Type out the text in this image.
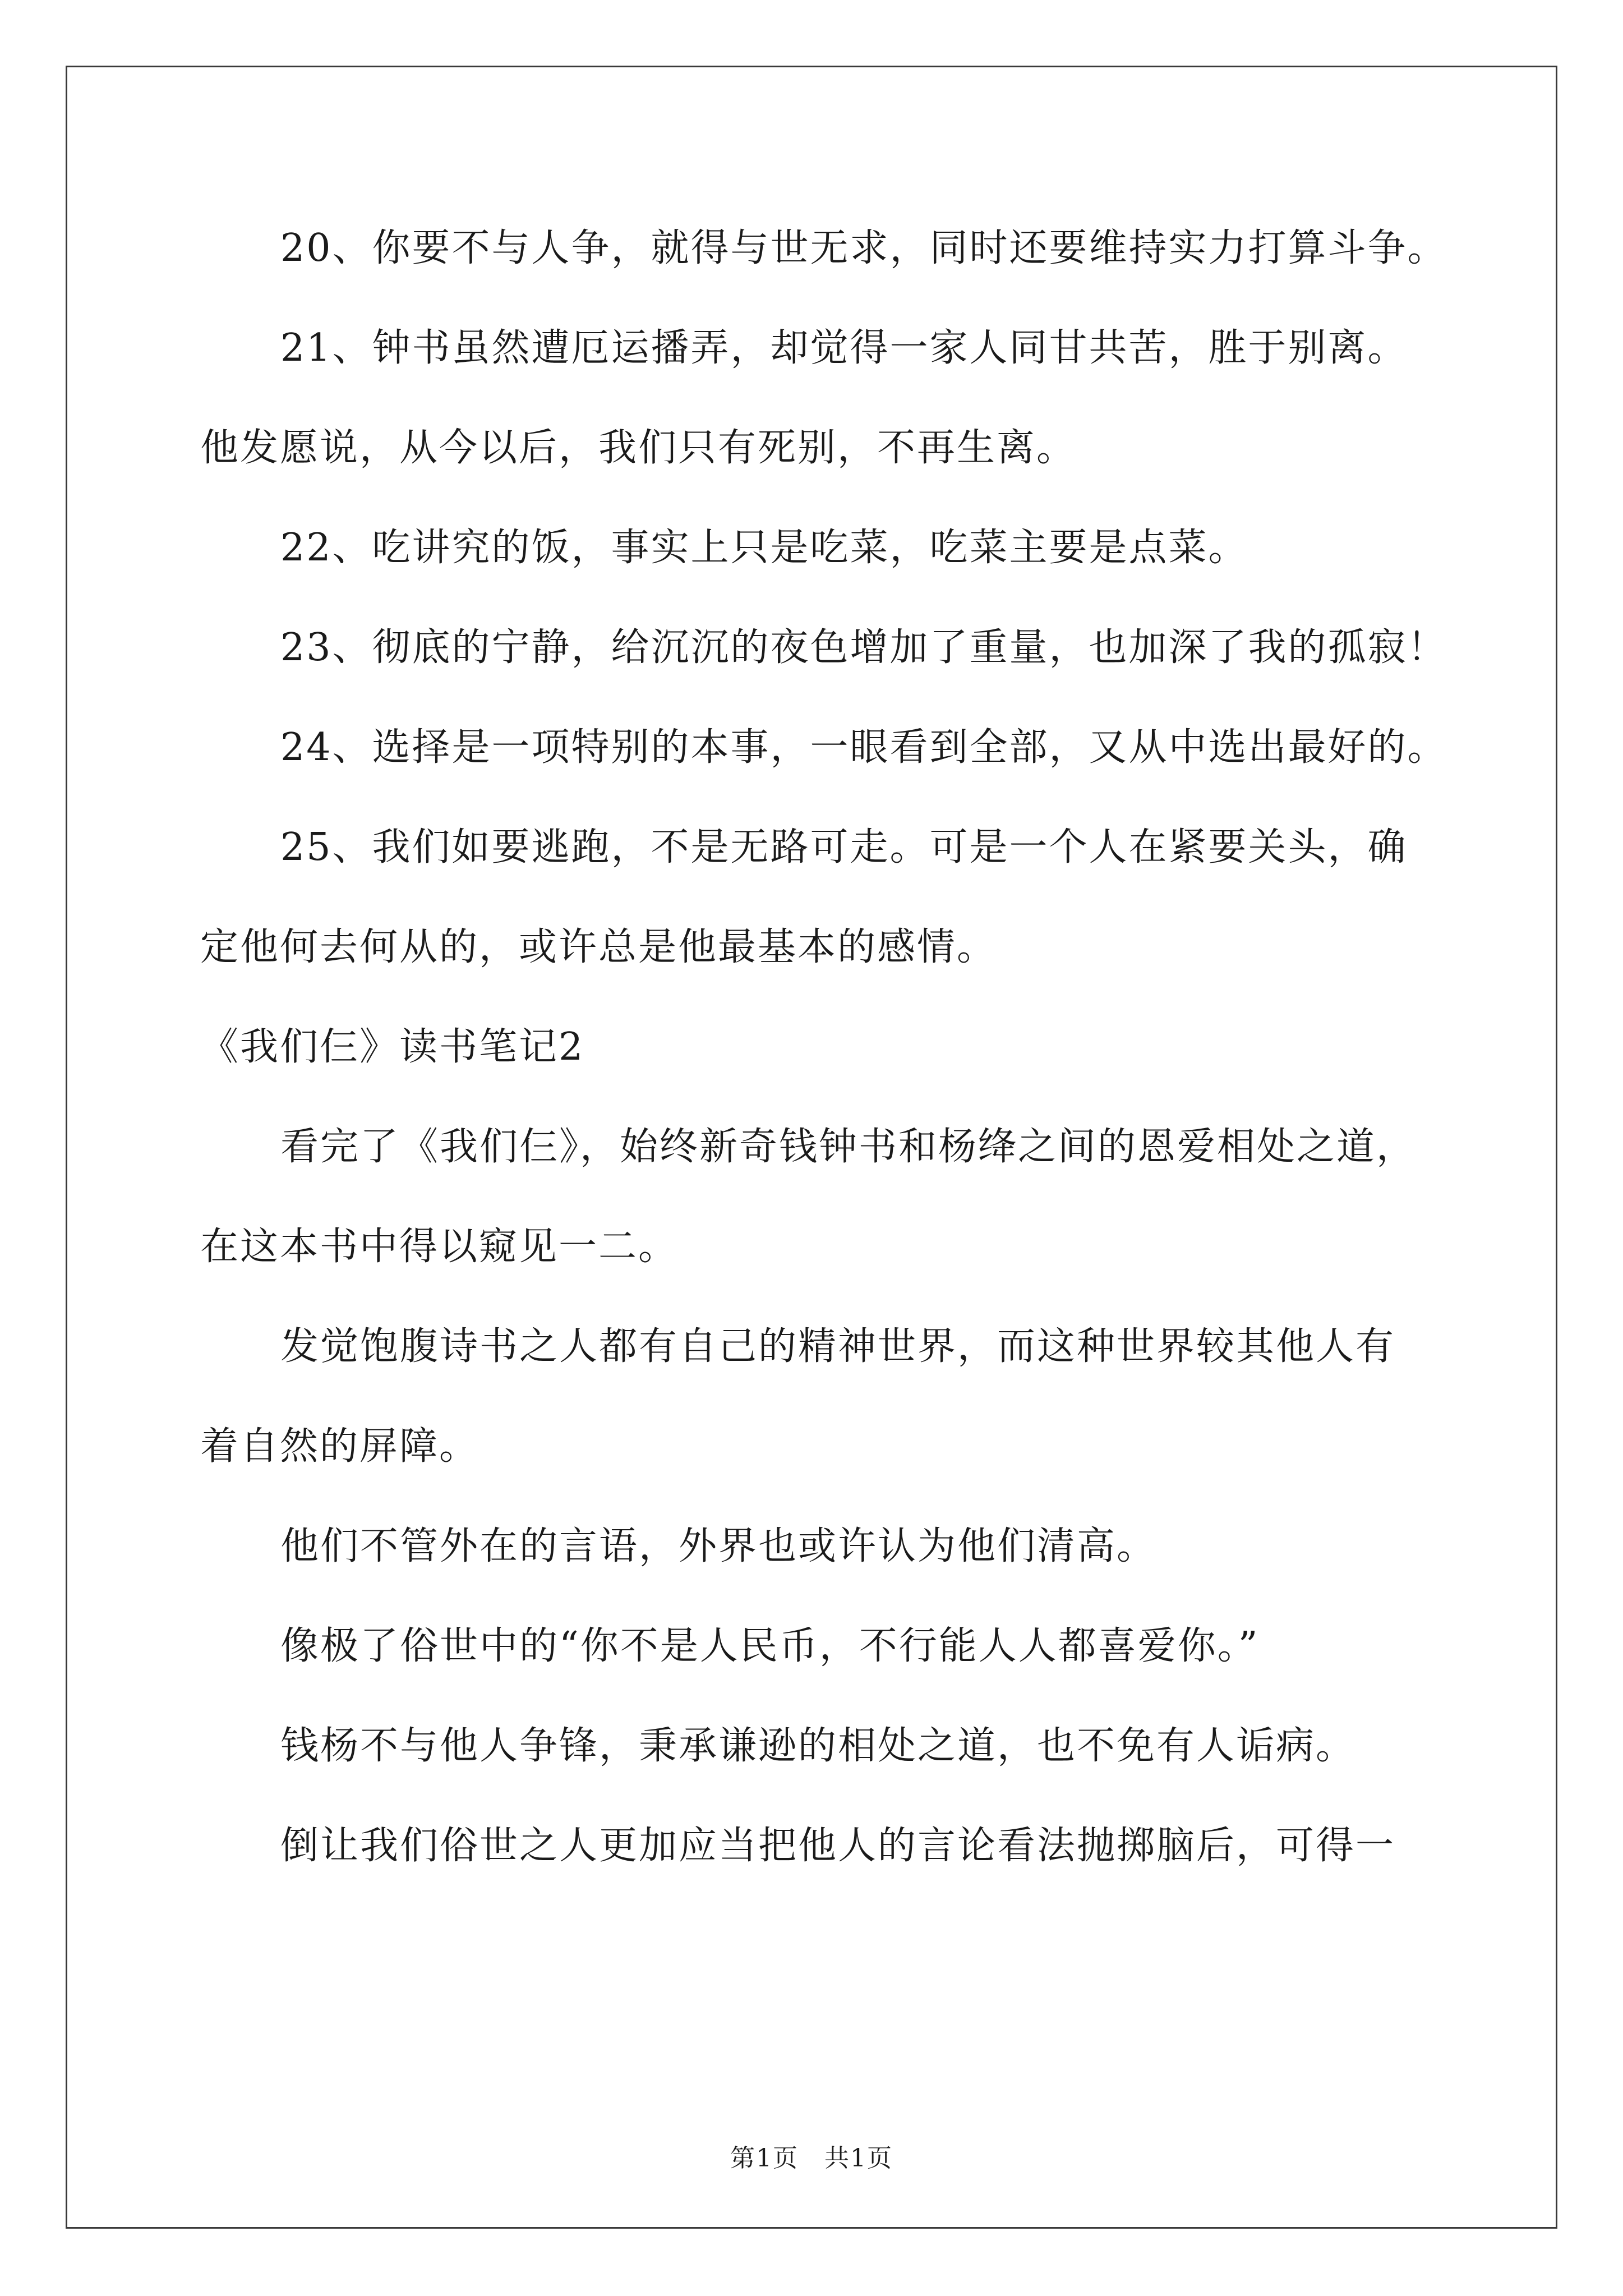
20、你要不与人争，就得与世无求，同时还要维持实力打算斗争。

21、钟书虽然遭厄运播弄，却觉得一家人同甘共苦，胜于别离。

他发愿说，从今以后，我们只有死别，不再生离。

22、吃讲究的饭，事实上只是吃菜，吃菜主要是点菜。

23、彻底的宁静，给沉沉的夜色增加了重量，也加深了我的孤寂！

24、选择是一项特别的本事，一眼看到全部，又从中选出最好的。

25、我们如要逃跑，不是无路可走。可是一个人在紧要关头，确

定他何去何从的，或许总是他最基本的感情。

《我们仨》读书笔记2

看完了《我们仨》，始终新奇钱钟书和杨绛之间的恩爱相处之道，

在这本书中得以窥见一二。

发觉饱腹诗书之人都有自己的精神世界，而这种世界较其他人有

着自然的屏障。

他们不管外在的言语，外界也或许认为他们清高。

像极了俗世中的“你不是人民币，不行能人人都喜爱你。”

钱杨不与他人争锋，秉承谦逊的相处之道，也不免有人诟病。

倒让我们俗世之人更加应当把他人的言论看法抛掷脑后，可得一

第1页　共1页
